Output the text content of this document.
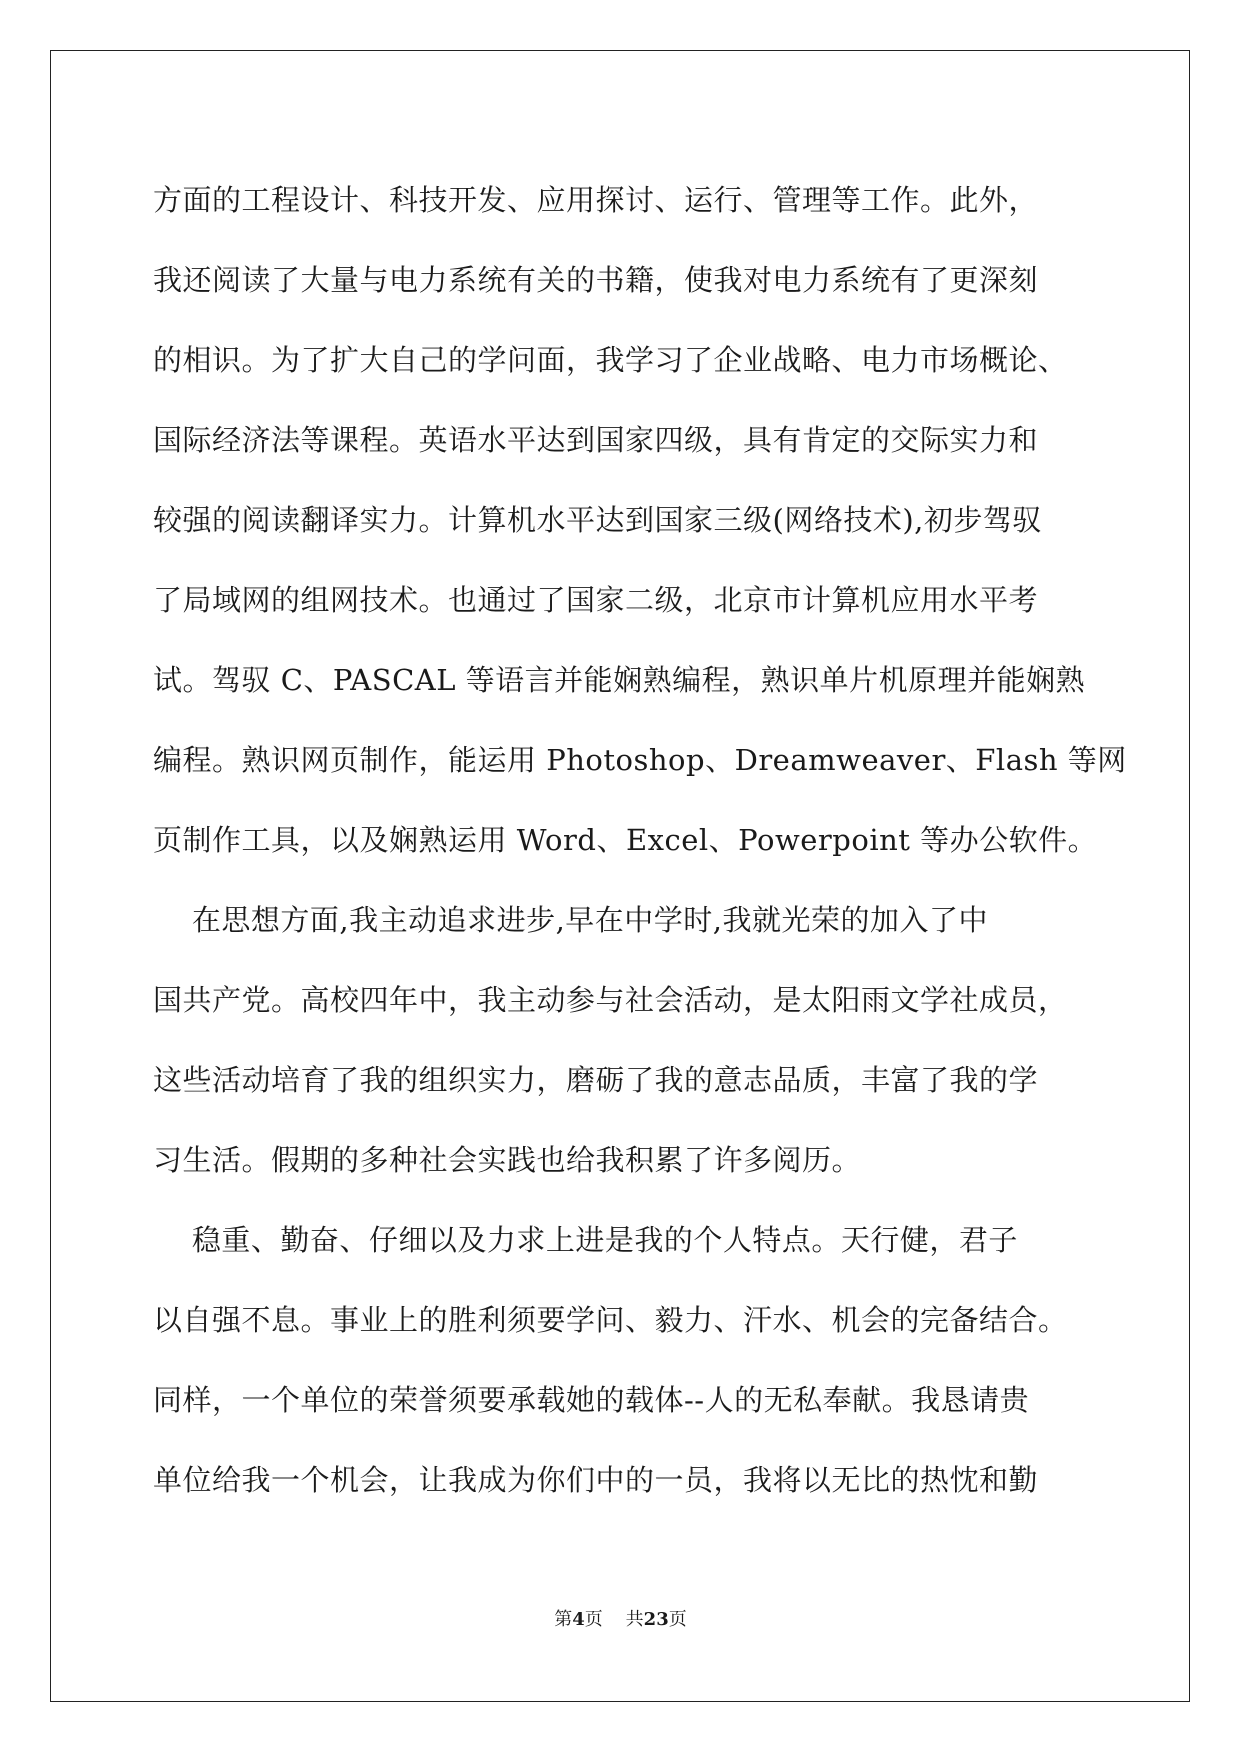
方面的工程设计、科技开发、应用探讨、运行、管理等工作。此外，
我还阅读了大量与电力系统有关的书籍，使我对电力系统有了更深刻
的相识。为了扩大自己的学问面，我学习了企业战略、电力市场概论、
国际经济法等课程。英语水平达到国家四级，具有肯定的交际实力和
较强的阅读翻译实力。计算机水平达到国家三级(网络技术),初步驾驭
了局域网的组网技术。也通过了国家二级，北京市计算机应用水平考
试。驾驭 C、PASCAL 等语言并能娴熟编程，熟识单片机原理并能娴熟
编程。熟识网页制作，能运用 Photoshop、Dreamweaver、Flash 等网
页制作工具，以及娴熟运用 Word、Excel、Powerpoint 等办公软件。
在思想方面,我主动追求进步,早在中学时,我就光荣的加入了中
国共产党。高校四年中，我主动参与社会活动，是太阳雨文学社成员，
这些活动培育了我的组织实力，磨砺了我的意志品质，丰富了我的学
习生活。假期的多种社会实践也给我积累了许多阅历。
稳重、勤奋、仔细以及力求上进是我的个人特点。天行健，君子
以自强不息。事业上的胜利须要学问、毅力、汗水、机会的完备结合。
同样，一个单位的荣誉须要承载她的载体--人的无私奉献。我恳请贵
单位给我一个机会，让我成为你们中的一员，我将以无比的热忱和勤
第4页 共23页
